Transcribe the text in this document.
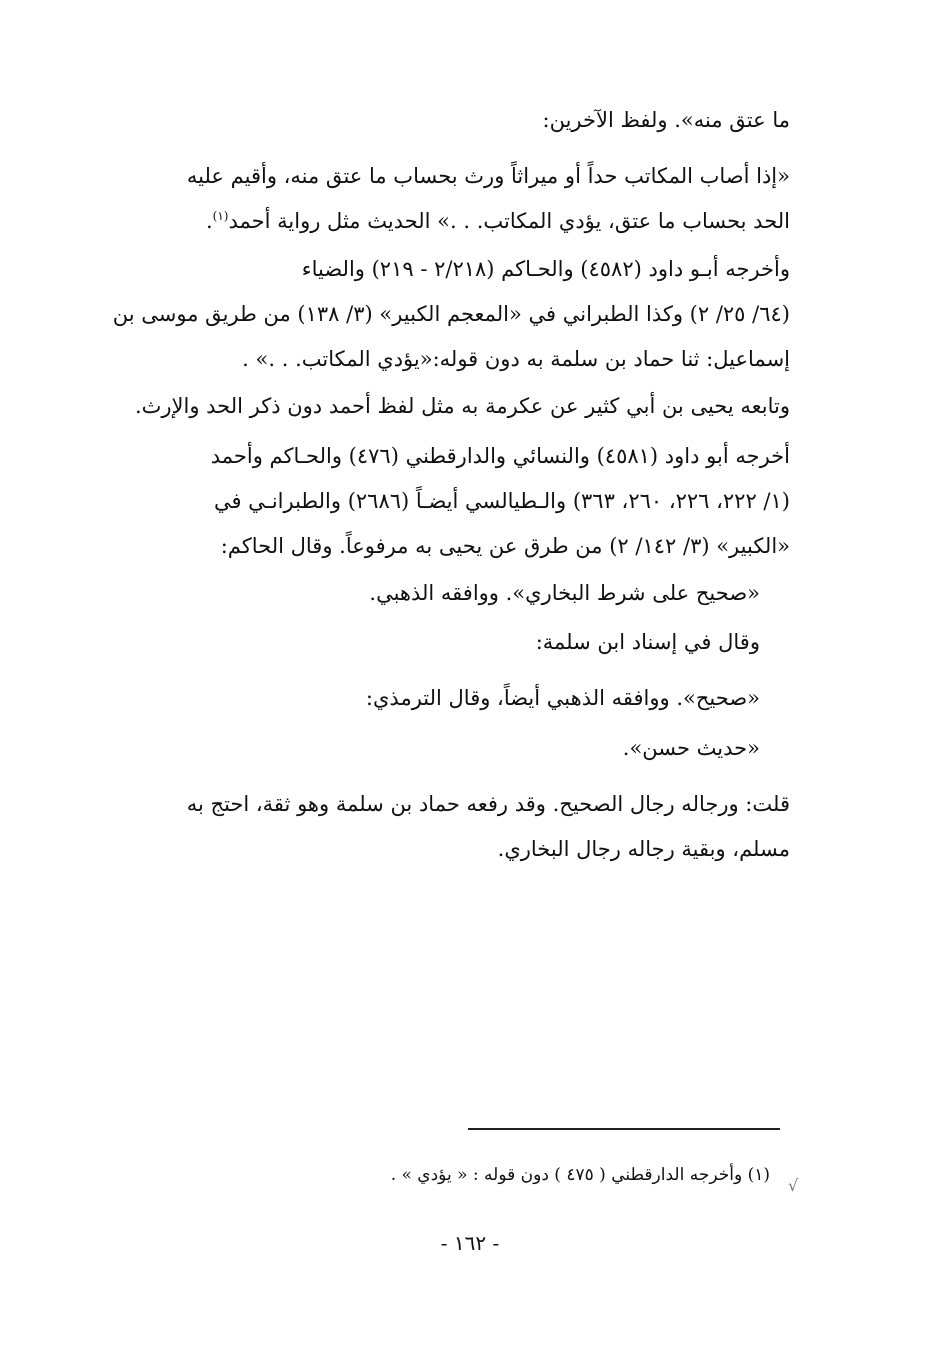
ما عتق منه». ولفظ الآخرين:

«إذا أصاب المكاتب حداً أو ميراثاً ورث بحساب ما عتق منه، وأقيم عليه
الحد بحساب ما عتق، يؤدي المكاتب. . .» الحديث مثل رواية أحمد$^{(١)}$.

وأخرجه أبـو داود (٤٥٨٢) والحـاكم (٢/٢١٨ - ٢١٩) والضياء
(٦٤/ ٢٥/ ٢) وكذا الطبراني في «المعجم الكبير» (٣/ ١٣٨) من طريق موسى بن
إسماعيل: ثنا حماد بن سلمة به دون قوله:«يؤدي المكاتب. . .» .

وتابعه يحيى بن أبي كثير عن عكرمة به مثل لفظ أحمد دون ذكر الحد والإرث.

أخرجه أبو داود (٤٥٨١) والنسائي والدارقطني (٤٧٦) والحـاكم وأحمد
(١/ ٢٢٢، ٢٢٦، ٢٦٠، ٣٦٣) والـطيالسي أيضـاً (٢٦٨٦) والطبرانـي في
«الكبير» (٣/ ١٤٢/ ٢) من طرق عن يحيى به مرفوعاً. وقال الحاكم:

«صحيح على شرط البخاري». ووافقه الذهبي.

وقال في إسناد ابن سلمة:

«صحيح». ووافقه الذهبي أيضاً، وقال الترمذي:

«حديث حسن».

قلت: ورجاله رجال الصحيح. وقد رفعه حماد بن سلمة وهو ثقة، احتج به
مسلم، وبقية رجاله رجال البخاري.

(١) وأخرجه الدارقطني ( ٤٧٥ ) دون قوله : « يؤدي » .
√
- ١٦٢ -
